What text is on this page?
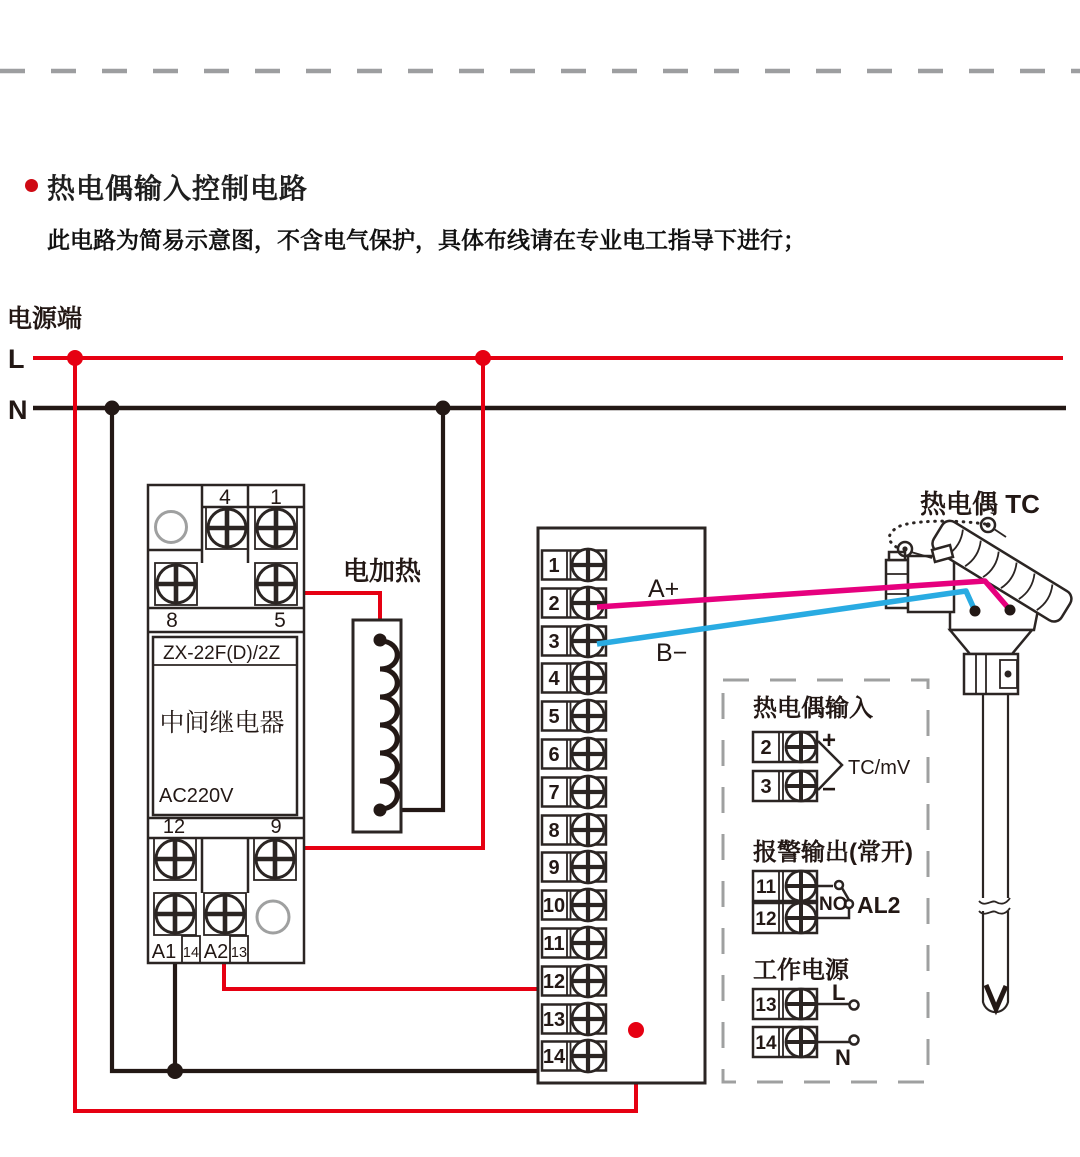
热电偶输入控制电路
此电路为简易示意图，不含电气保护，具体布线请在专业电工指导下进行；
电源端
L
N
4 1
8	5
ZX-22F(D)/2Z
中间继电器
AC220V
12	9
A1 14 A2 13
电加热	1
2
3
4
5
6
7
8
9
10
11
12
13
14
A+
B−
热电偶输入
2
3
+
−
TC/mV
报警输出(常开)
11
12
NO AL2
工作电源
13
L
14
N
热电偶 TC
